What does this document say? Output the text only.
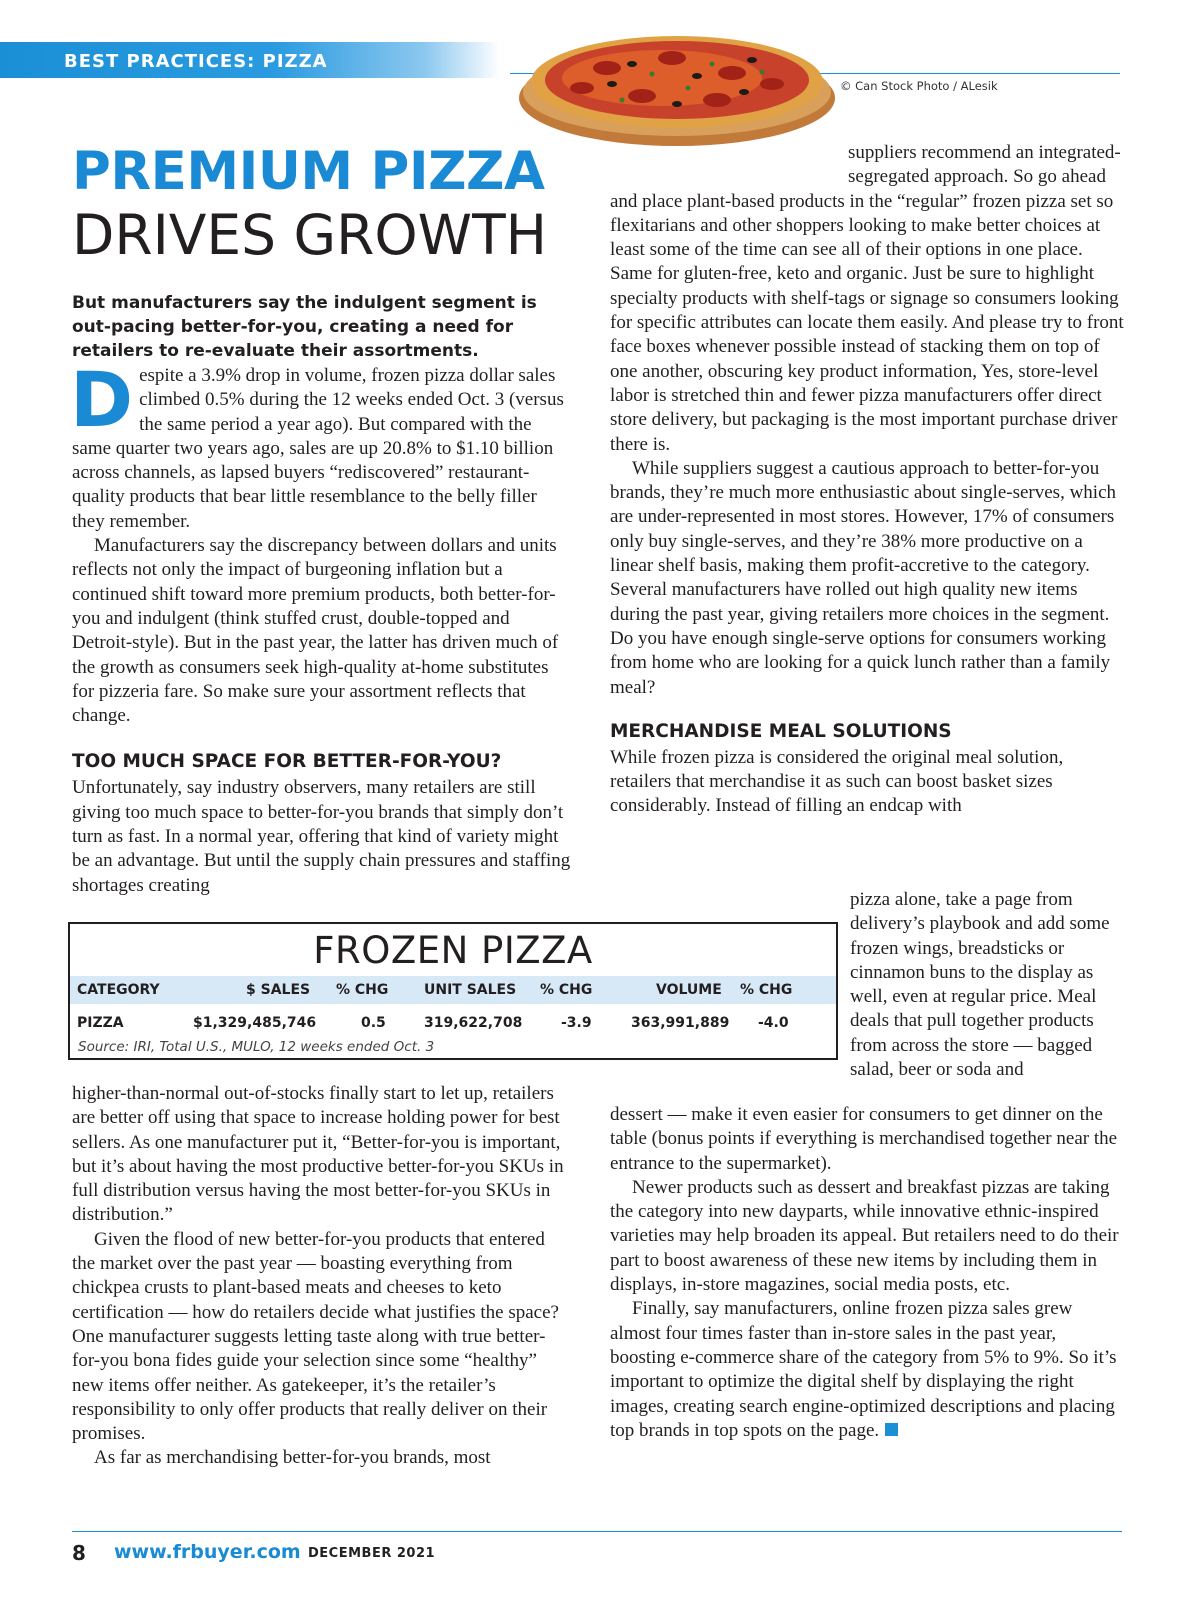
BEST PRACTICES: PIZZA
© Can Stock Photo / ALesik
PREMIUM PIZZA
DRIVES GROWTH
But manufacturers say the indulgent segment is out-pacing better-for-you, creating a need for retailers to re-evaluate their assortments.

Despite a 3.9% drop in volume, frozen pizza dollar sales climbed 0.5% during the 12 weeks ended Oct. 3 (versus the same period a year ago). But compared with the same quarter two years ago, sales are up 20.8% to $1.10 billion across channels, as lapsed buyers “rediscovered” restaurant-quality products that bear little resemblance to the belly filler they remember.

Manufacturers say the discrepancy between dollars and units reflects not only the impact of burgeoning inflation but a continued shift toward more premium products, both better-for-you and indulgent (think stuffed crust, double-topped and Detroit-style). But in the past year, the latter has driven much of the growth as consumers seek high-quality at-home substitutes for pizzeria fare. So make sure your assortment reflects that change.

TOO MUCH SPACE FOR BETTER-FOR-YOU?

Unfortunately, say industry observers, many retailers are still giving too much space to better-for-you brands that simply don’t turn as fast. In a normal year, offering that kind of variety might be an advantage. But until the supply chain pressures and staffing shortages creating

FROZEN PIZZA
CATEGORY	$ SALES % CHG	UNIT SALES % CHG	VOLUME % CHG
PIZZA	$1,329,485,746	0.5	319,622,708	-3.9	363,991,889 -4.0
Source: IRI, Total U.S., MULO, 12 weeks ended Oct. 3

higher-than-normal out-of-stocks finally start to let up, retailers are better off using that space to increase holding power for best sellers. As one manufacturer put it, “Better-for-you is important, but it’s about having the most productive better-for-you SKUs in full distribution versus having the most better-for-you SKUs in distribution.”

Given the flood of new better-for-you products that entered the market over the past year — boasting everything from chickpea crusts to plant-based meats and cheeses to keto certification — how do retailers decide what justifies the space? One manufacturer suggests letting taste along with true better-for-you bona fides guide your selection since some “healthy” new items offer neither. As gatekeeper, it’s the retailer’s responsibility to only offer products that really deliver on their promises.

As far as merchandising better-for-you brands, most

suppliers recommend an integrated-segregated approach. So go ahead and place plant-based products in the “regular” frozen pizza set so flexitarians and other shoppers looking to make better choices at least some of the time can see all of their options in one place. Same for gluten-free, keto and organic. Just be sure to highlight specialty products with shelf-tags or signage so consumers looking for specific attributes can locate them easily. And please try to front face boxes whenever possible instead of stacking them on top of one another, obscuring key product information, Yes, store-level labor is stretched thin and fewer pizza manufacturers offer direct store delivery, but packaging is the most important purchase driver there is.

While suppliers suggest a cautious approach to better-for-you brands, they’re much more enthusiastic about single-serves, which are under-represented in most stores. However, 17% of consumers only buy single-serves, and they’re 38% more productive on a linear shelf basis, making them profit-accretive to the category. Several manufacturers have rolled out high quality new items during the past year, giving retailers more choices in the segment. Do you have enough single-serve options for consumers working from home who are looking for a quick lunch rather than a family meal?

MERCHANDISE MEAL SOLUTIONS

While frozen pizza is considered the original meal solution, retailers that merchandise it as such can boost basket sizes considerably. Instead of filling an endcap with

pizza alone, take a page from delivery’s playbook and add some frozen wings, breadsticks or cinnamon buns to the display as well, even at regular price. Meal deals that pull together products from across the store — bagged salad, beer or soda and

dessert — make it even easier for consumers to get dinner on the table (bonus points if everything is merchandised together near the entrance to the supermarket).

Newer products such as dessert and breakfast pizzas are taking the category into new dayparts, while innovative ethnic-inspired varieties may help broaden its appeal. But retailers need to do their part to boost awareness of these new items by including them in displays, in-store magazines, social media posts, etc.

Finally, say manufacturers, online frozen pizza sales grew almost four times faster than in-store sales in the past year, boosting e-commerce share of the category from 5% to 9%. So it’s important to optimize the digital shelf by displaying the right images, creating search engine-optimized descriptions and placing top brands in top spots on the page.

8 www.frbuyer.com DECEMBER 2021
